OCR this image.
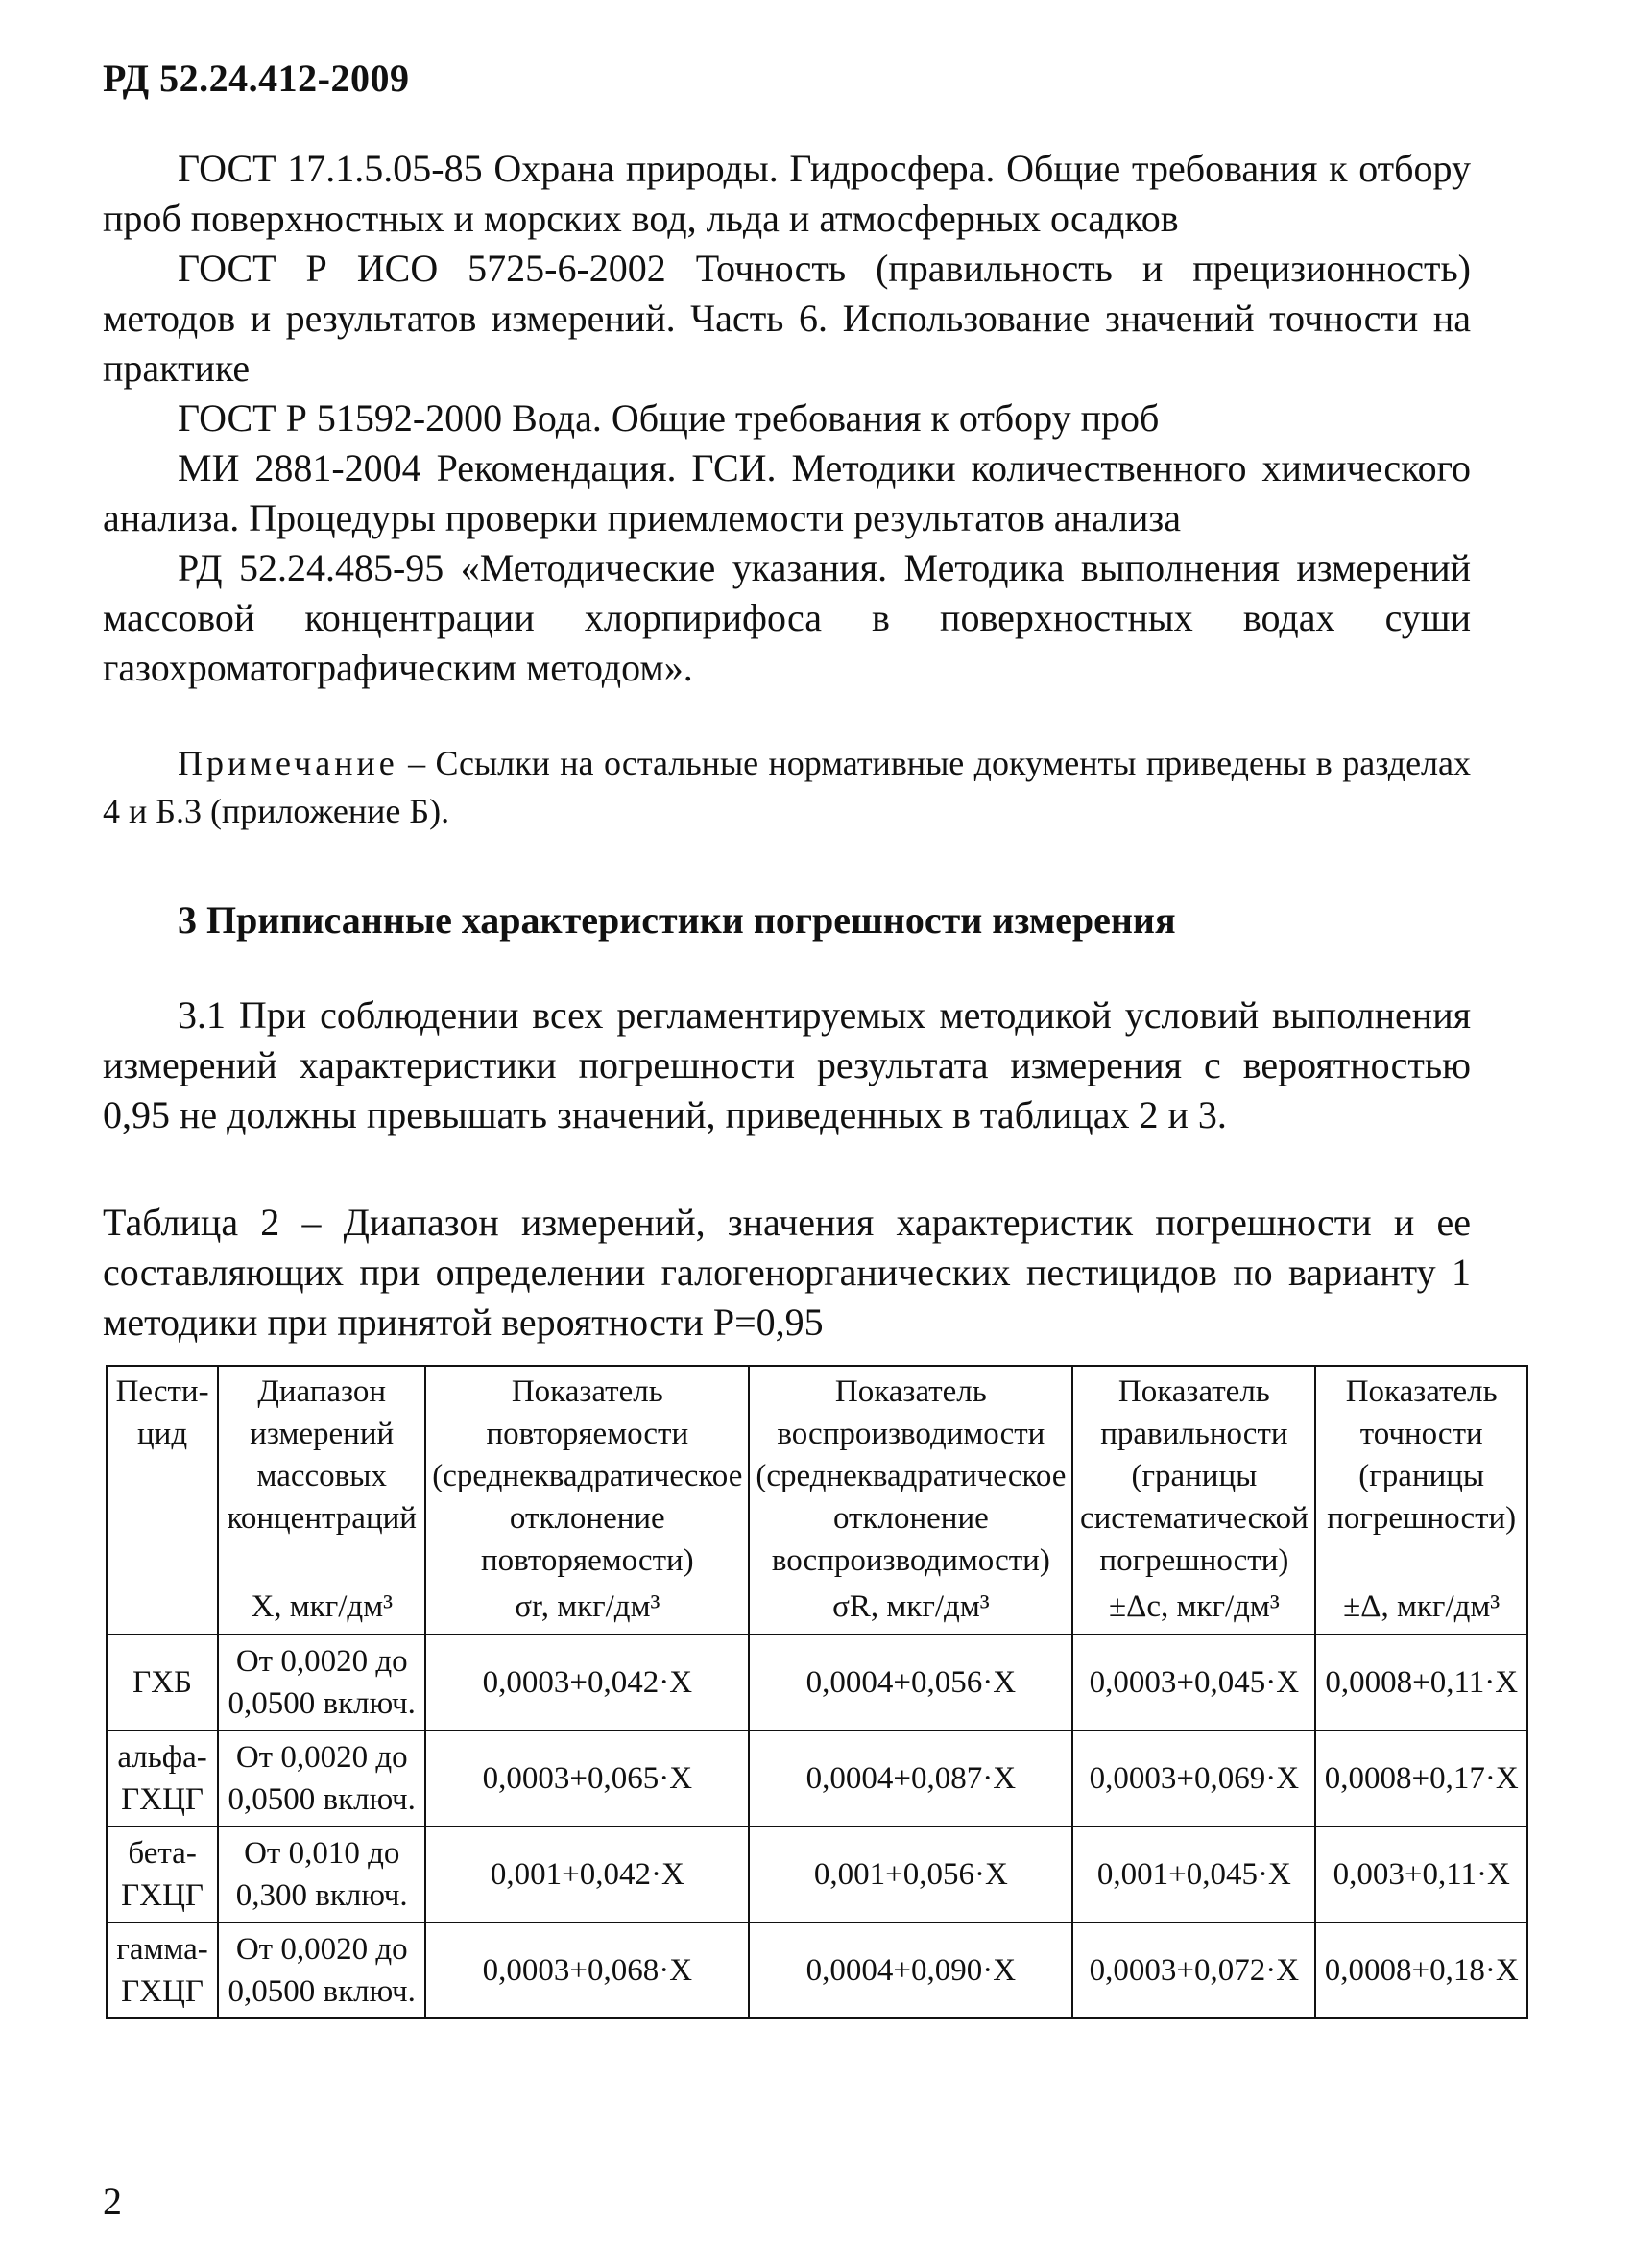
РД 52.24.412-2009

ГОСТ 17.1.5.05-85 Охрана природы. Гидросфера. Общие требования к отбору проб поверхностных и морских вод, льда и атмосферных осадков

ГОСТ Р ИСО 5725-6-2002 Точность (правильность и прецизионность) методов и результатов измерений. Часть 6. Использование значений точности на практике

ГОСТ Р 51592-2000 Вода. Общие требования к отбору проб

МИ 2881-2004 Рекомендация. ГСИ. Методики количественного химического анализа. Процедуры проверки приемлемости результатов анализа

РД 52.24.485-95 «Методические указания. Методика выполнения измерений массовой концентрации хлорпирифоса в поверхностных водах суши газохроматографическим методом».

Примечание – Ссылки на остальные нормативные документы приведены в разделах 4 и Б.3 (приложение Б).

3 Приписанные характеристики погрешности измерения

3.1 При соблюдении всех регламентируемых методикой условий выполнения измерений характеристики погрешности результата измерения с вероятностью 0,95 не должны превышать значений, приведенных в таблицах 2 и 3.

Таблица 2 – Диапазон измерений, значения характеристик погрешности и ее составляющих при определении галогенорганических пестицидов по варианту 1 методики при принятой вероятности P=0,95

Пести-цид	Диапазон измерений массовых концентраций	Показатель повторяемости (среднеквадратическое отклонение повторяемости)	Показатель воспроизводимости (среднеквадратическое отклонение воспроизводимости)	Показатель правильности (границы систематической погрешности)	Показатель точности (границы погрешности)
	X, мкг/дм³	σr, мкг/дм³	σR, мкг/дм³	±Δc, мкг/дм³	±Δ, мкг/дм³
ГХБ	От 0,0020 до 0,0500 включ.	0,0003+0,042·X	0,0004+0,056·X	0,0003+0,045·X	0,0008+0,11·X
альфа-ГХЦГ	От 0,0020 до 0,0500 включ.	0,0003+0,065·X	0,0004+0,087·X	0,0003+0,069·X	0,0008+0,17·X
бета-ГХЦГ	От 0,010 до 0,300 включ.	0,001+0,042·X	0,001+0,056·X	0,001+0,045·X	0,003+0,11·X
гамма-ГХЦГ	От 0,0020 до 0,0500 включ.	0,0003+0,068·X	0,0004+0,090·X	0,0003+0,072·X	0,0008+0,18·X
2
